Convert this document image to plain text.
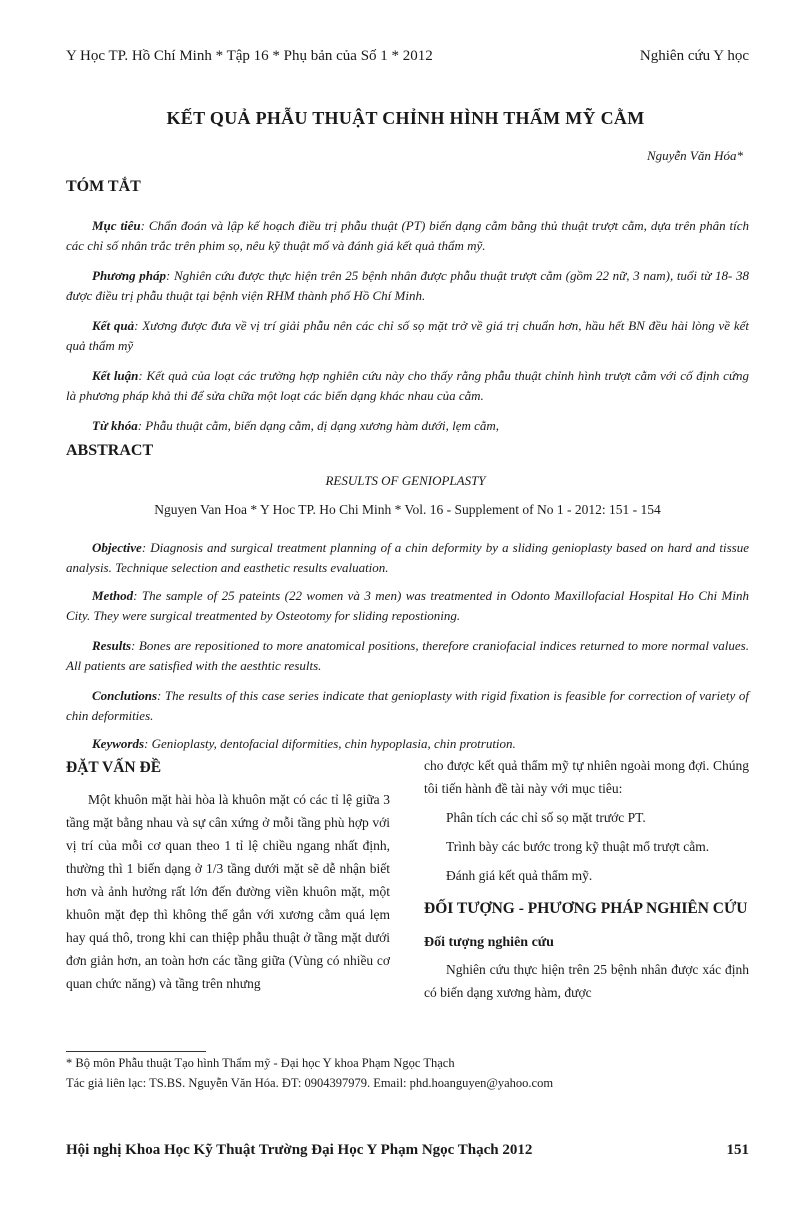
Y Học TP. Hồ Chí Minh * Tập 16 * Phụ bản của Số 1 * 2012	Nghiên cứu Y học
KẾT QUẢ PHẪU THUẬT CHỈNH HÌNH THẨM MỸ CẰM
Nguyễn Văn Hóa*
TÓM TẮT

Mục tiêu: Chẩn đoán và lập kế hoạch điều trị phẫu thuật (PT) biến dạng cằm bằng thủ thuật trượt cằm, dựa trên phân tích các chỉ số nhân trắc trên phim sọ, nêu kỹ thuật mổ và đánh giá kết quả thẩm mỹ.

Phương pháp: Nghiên cứu được thực hiện trên 25 bệnh nhân được phẫu thuật trượt cằm (gồm 22 nữ, 3 nam), tuổi từ 18- 38 được điều trị phẫu thuật tại bệnh viện RHM thành phố Hồ Chí Minh.

Kết quả: Xương được đưa về vị trí giải phẫu nên các chỉ số sọ mặt trở về giá trị chuẩn hơn, hầu hết BN đều hài lòng về kết quả thẩm mỹ

Kết luận: Kết quả của loạt các trường hợp nghiên cứu này cho thấy rằng phẫu thuật chỉnh hình trượt cằm với cố định cứng là phương pháp khả thi để sửa chữa một loạt các biến dạng khác nhau của cằm.

Từ khóa: Phẫu thuật cằm, biến dạng cằm, dị dạng xương hàm dưới, lẹm cằm,

ABSTRACT
RESULTS OF GENIOPLASTY
Nguyen Van Hoa * Y Hoc TP. Ho Chi Minh * Vol. 16 - Supplement of No 1 - 2012: 151 - 154

Objective: Diagnosis and surgical treatment planning of a chin deformity by a sliding genioplasty based on hard and tissue analysis. Technique selection and easthetic results evaluation.

Method: The sample of 25 pateints (22 women và 3 men) was treatmented in Odonto Maxillofacial Hospital Ho Chi Minh City. They were surgical treatmented by Osteotomy for sliding repostioning.

Results: Bones are repositioned to more anatomical positions, therefore craniofacial indices returned to more normal values. All patients are satisfied with the aesthtic results.

Conclutions: The results of this case series indicate that genioplasty with rigid fixation is feasible for correction of variety of chin deformities.

Keywords: Genioplasty, dentofacial diformities, chin hypoplasia, chin protrution.

ĐẶT VẤN ĐỀ

Một khuôn mặt hài hòa là khuôn mặt có các tỉ lệ giữa 3 tầng mặt bằng nhau và sự cân xứng ở mỗi tầng phù hợp với vị trí của mỗi cơ quan theo 1 tỉ lệ chiều ngang nhất định, thường thì 1 biến dạng ở 1/3 tầng dưới mặt sẽ dễ nhận biết hơn và ảnh hưởng rất lớn đến đường viền khuôn mặt, một khuôn mặt đẹp thì không thể gắn với xương cằm quá lẹm hay quá thô, trong khi can thiệp phẫu thuật ở tầng mặt dưới đơn giản hơn, an toàn hơn các tầng giữa (Vùng có nhiều cơ quan chức năng) và tầng trên nhưng

cho được kết quả thẩm mỹ tự nhiên ngoài mong đợi. Chúng tôi tiến hành đề tài này với mục tiêu:

Phân tích các chỉ số sọ mặt trước PT.

Trình bày các bước trong kỹ thuật mổ trượt cằm.

Đánh giá kết quả thẩm mỹ.

ĐỐI TƯỢNG - PHƯƠNG PHÁP NGHIÊN CỨU
Đối tượng nghiên cứu

Nghiên cứu thực hiện trên 25 bệnh nhân được xác định có biến dạng xương hàm, được

* Bộ môn Phẫu thuật Tạo hình Thẩm mỹ - Đại học Y khoa Phạm Ngọc Thạch
Tác giả liên lạc: TS.BS. Nguyễn Văn Hóa. ĐT: 0904397979. Email: phd.hoanguyen@yahoo.com
Hội nghị Khoa Học Kỹ Thuật Trường Đại Học Y Phạm Ngọc Thạch 2012	151
